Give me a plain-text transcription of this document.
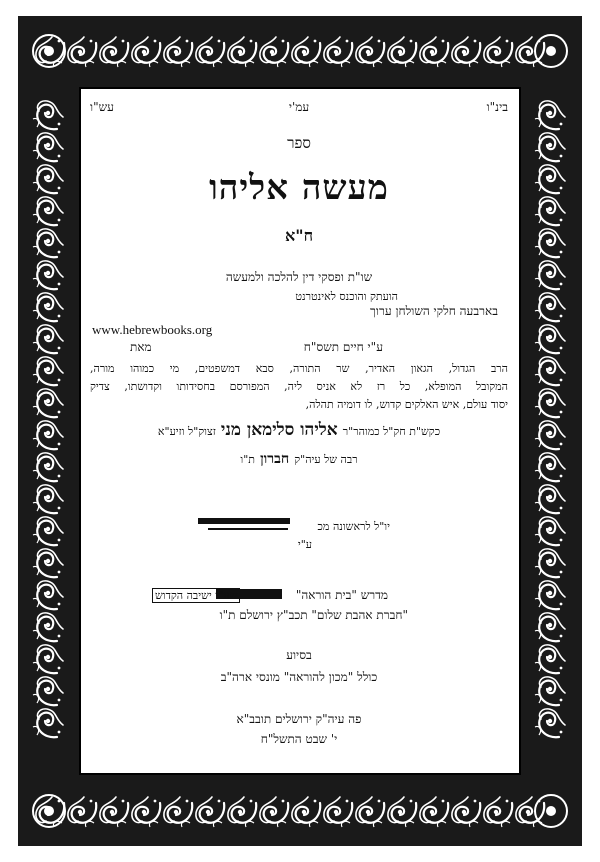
בינ"ו
עמ'י
עש"ו
ספר
מעשה אליהו
ח"א
שו"ת ופסקי דין להלכה ולמעשה
הועתק והוכנס לאינטרנט
בארבעה חלקי השולחן ערוך
www.hebrewbooks.org
ע"י חיים תשס"ח
מאת
הרב הגדול, הגאון האדיר, שר התורה, סבא דמשפטים, מי כמוהו מורה,
המקובל המופלא, כל רז לא אניס ליה, המפורסם בחסידותו וקדושתו, צדיק
יסוד עולם, איש האלקים קדוש, לו דומיה תהלה,
כקש"ת חק"ל כמוהר"ר אליהו סלימאן מני זצוק"ל וזיע"א
רבה של עיה"ק חברון ת"ו
יו"ל לראשונה מכ
ע"י
מדרש "בית הוראה"
שע"י ישיבה הקדוש
"חברת אהבת שלום" תכב"ץ ירושלם ת"ו
בסיוע
כולל "מכון להוראה" מונסי ארה"ב
פה עיה"ק ירושלים תובב"א
י' שבט התשל"ח
